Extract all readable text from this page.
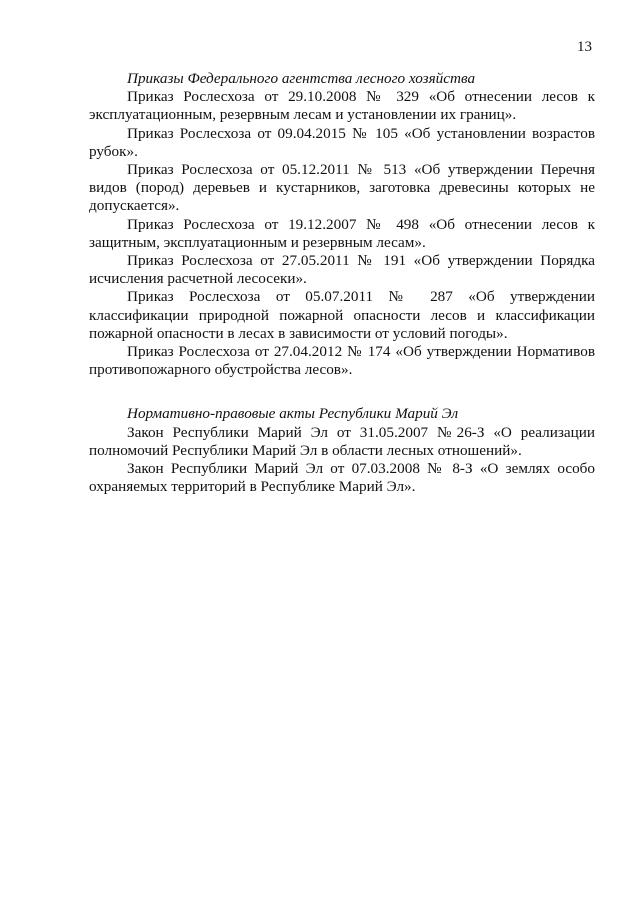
13

Приказы Федерального агентства лесного хозяйства

Приказ Рослесхоза от 29.10.2008 № 329 «Об отнесении лесов к эксплуатационным, резервным лесам и установлении их границ».

Приказ Рослесхоза от 09.04.2015 № 105 «Об установлении возрастов рубок».

Приказ Рослесхоза от 05.12.2011 № 513 «Об утверждении Перечня видов (пород) деревьев и кустарников, заготовка древесины которых не допускается».

Приказ Рослесхоза от 19.12.2007 № 498 «Об отнесении лесов к защитным, эксплуатационным и резервным лесам».

Приказ Рослесхоза от 27.05.2011 № 191 «Об утверждении Порядка исчисления расчетной лесосеки».

Приказ Рослесхоза от 05.07.2011 № 287 «Об утверждении классификации природной пожарной опасности лесов и классификации пожарной опасности в лесах в зависимости от условий погоды».

Приказ Рослесхоза от 27.04.2012 № 174 «Об утверждении Нормативов противопожарного обустройства лесов».

Нормативно-правовые акты Республики Марий Эл

Закон Республики Марий Эл от 31.05.2007 №26-З «О реализации полномочий Республики Марий Эл в области лесных отношений».

Закон Республики Марий Эл от 07.03.2008 № 8-З «О землях особо охраняемых территорий в Республике Марий Эл».
